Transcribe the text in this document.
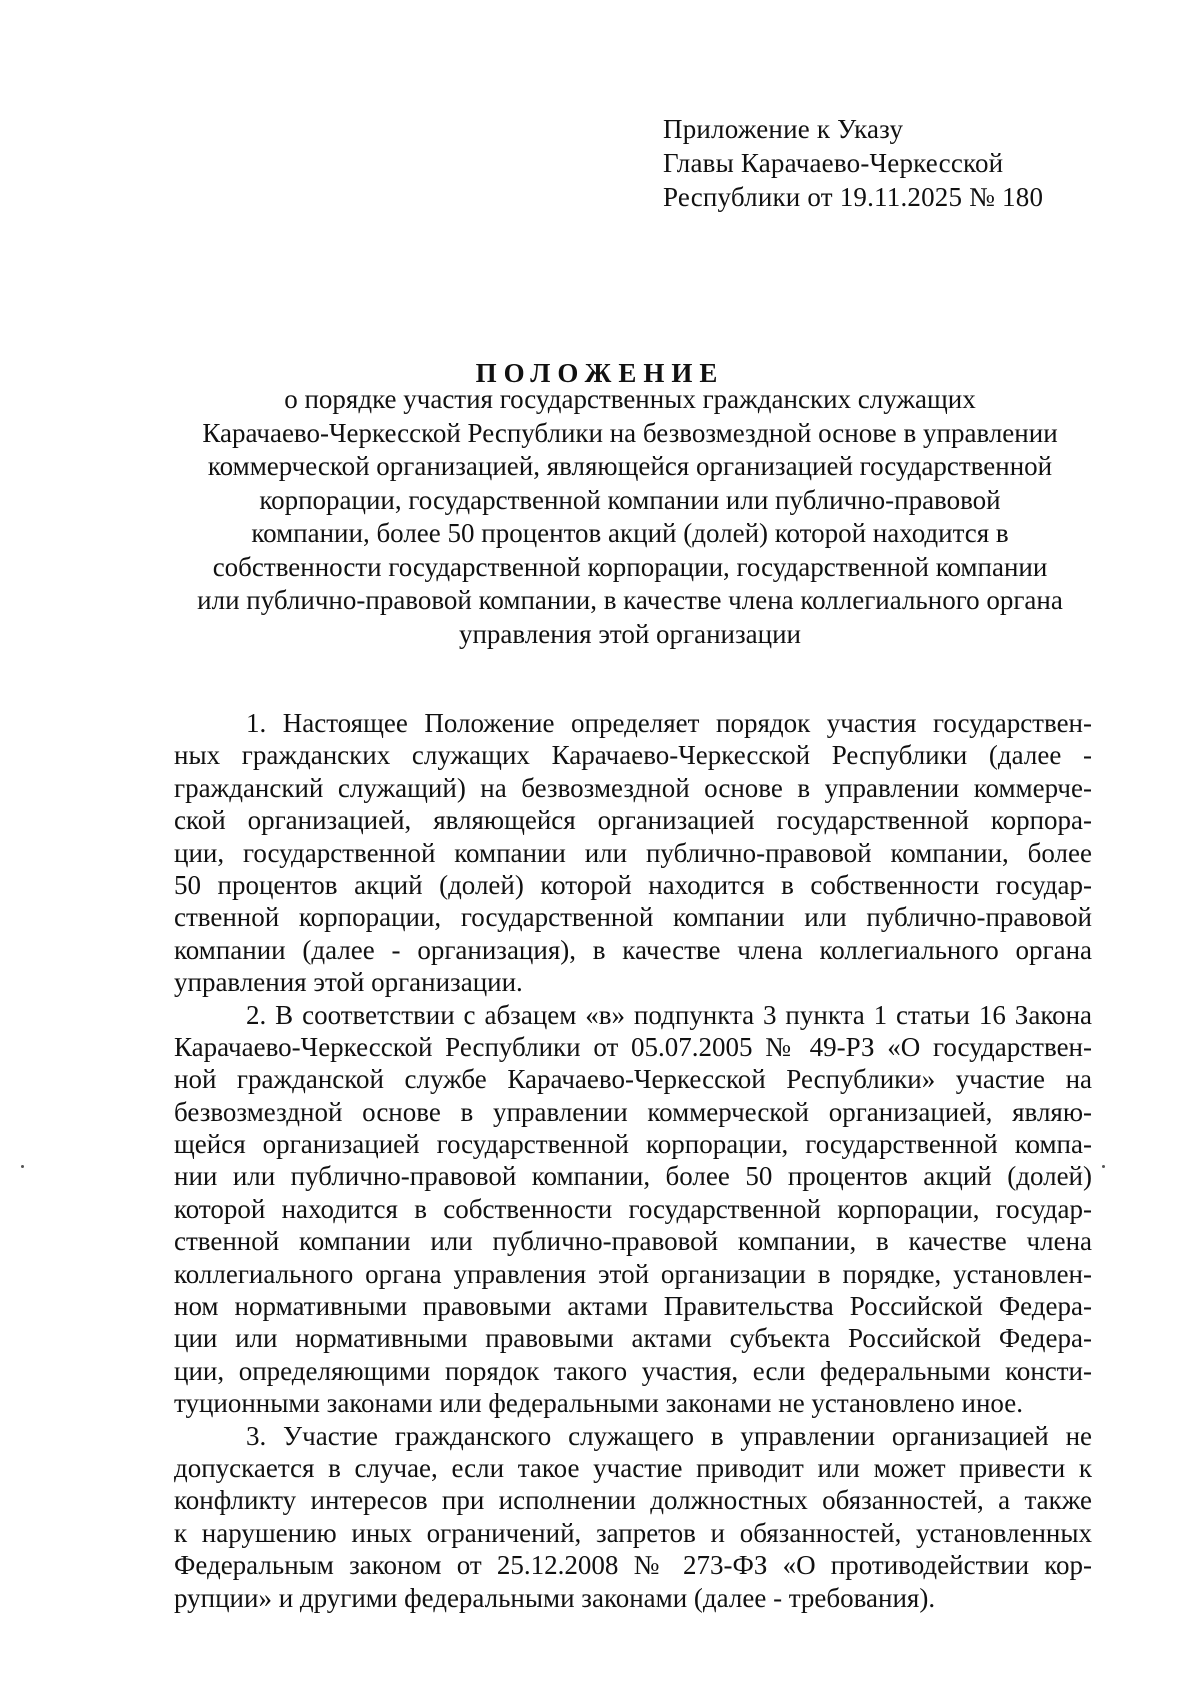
Приложение к Указу
Главы Карачаево-Черкесской
Республики от 19.11.2025 № 180
ПОЛОЖЕНИЕ
о порядке участия государственных гражданских служащих
Карачаево-Черкесской Республики на безвозмездной основе в управлении
коммерческой организацией, являющейся организацией государственной
корпорации, государственной компании или публично-правовой
компании, более 50 процентов акций (долей) которой находится в
собственности государственной корпорации, государственной компании
или публично-правовой компании, в качестве члена коллегиального органа
управления этой организации
1. Настоящее Положение определяет порядок участия государствен-
ных гражданских служащих Карачаево-Черкесской Республики (далее -
гражданский служащий) на безвозмездной основе в управлении коммерче-
ской организацией, являющейся организацией государственной корпора-
ции, государственной компании или публично-правовой компании, более
50 процентов акций (долей) которой находится в собственности государ-
ственной корпорации, государственной компании или публично-правовой
компании (далее - организация), в качестве члена коллегиального органа
управления этой организации.
2. В соответствии с абзацем «в» подпункта 3 пункта 1 статьи 16 Закона
Карачаево-Черкесской Республики от 05.07.2005 № 49-РЗ «О государствен-
ной гражданской службе Карачаево-Черкесской Республики» участие на
безвозмездной основе в управлении коммерческой организацией, являю-
щейся организацией государственной корпорации, государственной компа-
нии или публично-правовой компании, более 50 процентов акций (долей)
которой находится в собственности государственной корпорации, государ-
ственной компании или публично-правовой компании, в качестве члена
коллегиального органа управления этой организации в порядке, установлен-
ном нормативными правовыми актами Правительства Российской Федера-
ции или нормативными правовыми актами субъекта Российской Федера-
ции, определяющими порядок такого участия, если федеральными консти-
туционными законами или федеральными законами не установлено иное.
3. Участие гражданского служащего в управлении организацией не
допускается в случае, если такое участие приводит или может привести к
конфликту интересов при исполнении должностных обязанностей, а также
к нарушению иных ограничений, запретов и обязанностей, установленных
Федеральным законом от 25.12.2008 № 273-ФЗ «О противодействии кор-
рупции» и другими федеральными законами (далее - требования).
